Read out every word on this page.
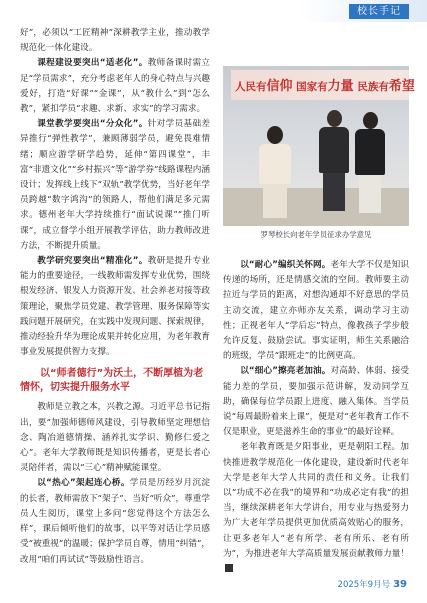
校长手记

好”，必须以“工匠精神”深耕教学主业，推动教学规范化一体化建设。

课程建设要突出“适老化”。教师备课时需立足“学员需求”，充分考虑老年人的身心特点与兴趣爱好，打造“好课”“金课”，从“教什么”到“怎么教”，紧扣学员“求趣、求新、求实”的学习需求。

课堂教学要突出“分众化”。针对学员基础差异推行“弹性教学”，兼顾薄弱学员，避免畏难情绪；顺应游学研学趋势，延伸“第四课堂”，丰富“非遗文化”“乡村振兴”等“游学券”线路课程内涵设计；发挥线上线下“双轨”教学优势，当好老年学员跨越“数字鸿沟”的领路人，帮他们满足多元需求。德州老年大学持续推行“面试说课”“推门听课”，成立督学小组开展教学评估，助力教师改进方法，不断提升质量。

教学研究要突出“精准化”。教研是提升专业能力的重要途径，一线教师需发挥专业优势，围绕根发经济、银发人力资源开发、社会养老对接等政策理论，聚焦学员党建、教学管理、服务保障等实践问题开展研究，在实践中发现问题、探索规律，推动经验升华为理论成果并转化应用，为老年教育事业发展提供智力支撑。

以“师者德行”为沃土，不断厚植为老
情怀，切实提升服务水平

教师是立教之本，兴教之源。习近平总书记指出，要“加强师德师风建设，引导教师坚定理想信念、陶冶道德情操、涵养扎实学识、勤修仁爱之心”。老年大学教师既是知识传播者，更是长者心灵陪伴者，需以“三心”精神赋能课堂。

以“热心”架起连心桥。学员是历经岁月沉淀的长者，教师需放下“架子”、当好“听众”，尊重学员人生阅历，课堂上多问“您觉得这个方法怎么样”，课后倾听他们的故事，以平等对话让学员感受“被重视”的温暖；保护学员自尊，情用“纠错”，改用“咱们再试试”等鼓励性语言。

人民有信仰 国家有力量 民族有希望
罗琴校长向老年学员征求办学意见

以“耐心”编织关怀网。老年大学不仅是知识传递的场所，还是情感交流的空间。教师要主动拉近与学员的距离，对想沟通却不好意思的学员主动交流，建立亦师亦友关系，调动学习主动性；正视老年人“学后忘”特点，像教孩子学步般允许反复、鼓励尝试。事实证明，师生关系融洽的班级，学员“跟班走”的比例更高。

以“细心”擦亮老加油。对高龄、体弱、接受能力差的学员，要加强示范讲解，发动同学互助，确保每位学员跟上进度、融入集体。当学员说“每周最盼着来上课”，便是对“老年教育工作不仅是职业，更是滋养生命的事业”的最好诠释。

老年教育既是夕阳事业，更是朝阳工程。加快推进教学规范化一体化建设，建设新时代老年大学是老年大学人共同的责任和义务。让我们以“功成不必在我”的境界和“功成必定有我”的担当，继续深耕老年大学讲台，用专业与热爱努力为广大老年学员提供更加优质高效贴心的服务，让更多老年人“老有所学、老有所乐、老有所为”，为推进老年大学高质量发展贡献教师力量！

2025年9月号 39
